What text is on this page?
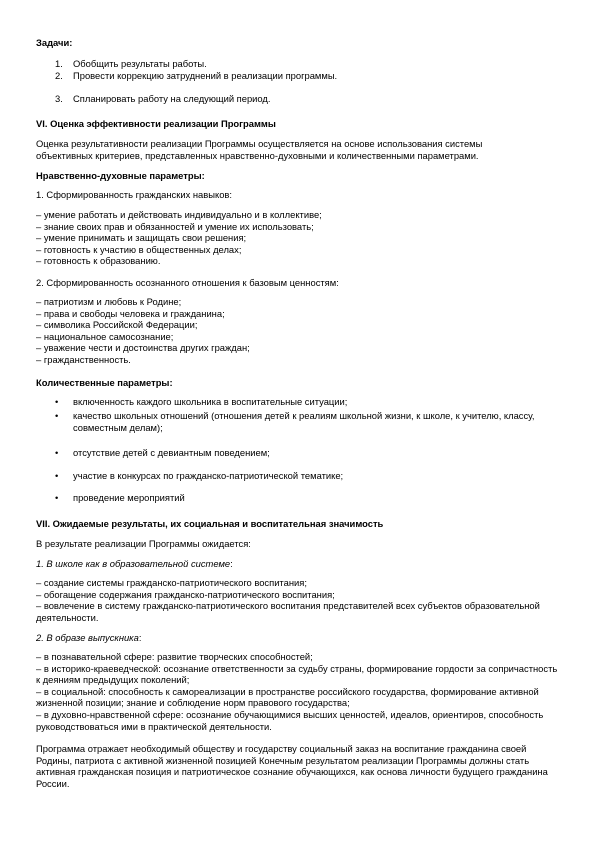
Задачи:
1. Обобщить результаты работы.
2. Провести коррекцию затруднений в реализации программы.
3. Спланировать работу на следующий период.
VI. Оценка эффективности реализации Программы
Оценка результативности реализации Программы осуществляется на основе использования системы объективных критериев, представленных нравственно-духовными и количественными параметрами.
Нравственно-духовные параметры:
1. Сформированность гражданских навыков:
– умение работать и действовать индивидуально и в коллективе;
– знание своих прав и обязанностей и умение их использовать;
– умение принимать и защищать свои решения;
– готовность к участию в общественных делах;
– готовность к образованию.
2. Сформированность осознанного отношения к базовым ценностям:
– патриотизм и любовь к Родине;
– права и свободы человека и гражданина;
– символика Российской Федерации;
– национальное самосознание;
– уважение чести и достоинства других граждан;
– гражданственность.
Количественные параметры:
• включенность каждого школьника в воспитательные ситуации;
• качество школьных отношений (отношения детей к реалиям школьной жизни, к школе, к учителю, классу, совместным делам);
• отсутствие детей с девиантным поведением;
• участие в конкурсах по гражданско-патриотической тематике;
• проведение мероприятий
VII. Ожидаемые результаты, их социальная и воспитательная значимость
В результате реализации Программы ожидается:
1. В школе как в образовательной системе:
– создание системы гражданско-патриотического воспитания;
– обогащение содержания гражданско-патриотического воспитания;
– вовлечение в систему гражданско-патриотического воспитания представителей всех субъектов образовательной деятельности.
2. В образе выпускника:
– в познавательной сфере: развитие творческих способностей;
– в историко-краеведческой: осознание ответственности за судьбу страны, формирование гордости за сопричастность к деяниям предыдущих поколений;
– в социальной: способность к самореализации в пространстве российского государства, формирование активной жизненной позиции; знание и соблюдение норм правового государства;
– в духовно-нравственной сфере: осознание обучающимися высших ценностей, идеалов, ориентиров, способность руководствоваться ими в практической деятельности.
Программа отражает необходимый обществу и государству социальный заказ на воспитание гражданина своей Родины, патриота с активной жизненной позицией Конечным результатом реализации Программы должны стать активная гражданская позиция и патриотическое сознание обучающихся, как основа личности будущего гражданина России.
